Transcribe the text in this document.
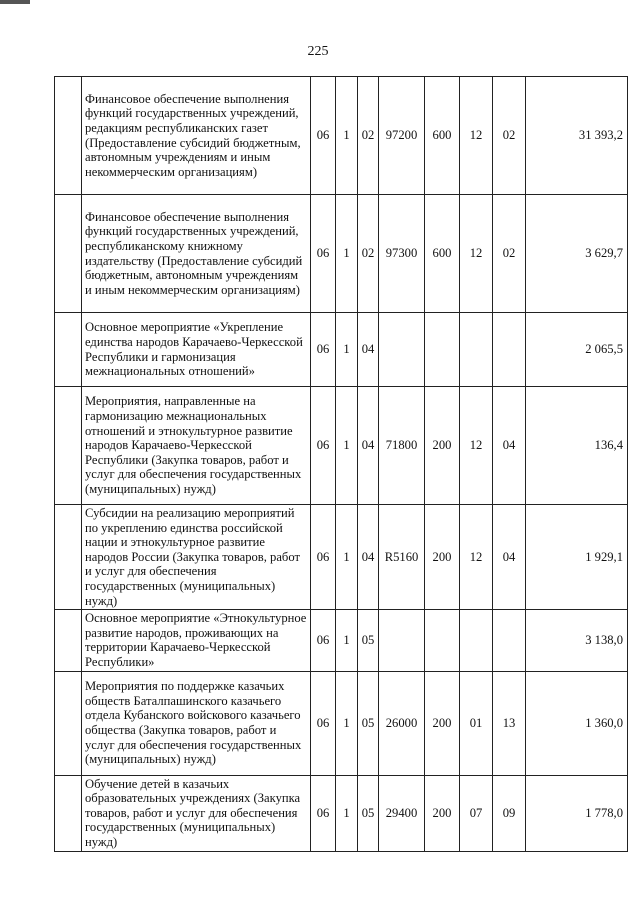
225
	Финансовое обеспечение выполнения функций государственных учреждений, редакциям республиканских газет (Предоставление субсидий бюджетным, автономным учреждениям и иным некоммерческим организациям)	06	1	02	97200	600	12	02	31 393,2
	Финансовое обеспечение выполнения функций государственных учреждений, республиканскому книжному издательству (Предоставление субсидий бюджетным, автономным учреждениям и иным некоммерческим организациям)	06	1	02	97300	600	12	02	3 629,7
	Основное мероприятие «Укрепление единства народов Карачаево-Черкесской Республики и гармонизация межнациональных отношений»	06	1	04					2 065,5
	Мероприятия, направленные на гармонизацию межнациональных отношений и этнокультурное развитие народов Карачаево-Черкесской Республики (Закупка товаров, работ и услуг для обеспечения государственных (муниципальных) нужд)	06	1	04	71800	200	12	04	136,4
	Субсидии на реализацию мероприятий по укреплению единства российской нации и этнокультурное развитие народов России (Закупка товаров, работ и услуг для обеспечения государственных (муниципальных) нужд)	06	1	04	R5160	200	12	04	1 929,1
	Основное мероприятие «Этнокультурное развитие народов, проживающих на территории Карачаево-Черкесской Республики»	06	1	05					3 138,0
	Мероприятия по поддержке казачьих обществ Баталпашинского казачьего отдела Кубанского войскового казачьего общества (Закупка товаров, работ и услуг для обеспечения государственных (муниципальных) нужд)	06	1	05	26000	200	01	13	1 360,0
	Обучение детей в казачьих образовательных учреждениях (Закупка товаров, работ и услуг для обеспечения государственных (муниципальных) нужд)	06	1	05	29400	200	07	09	1 778,0
